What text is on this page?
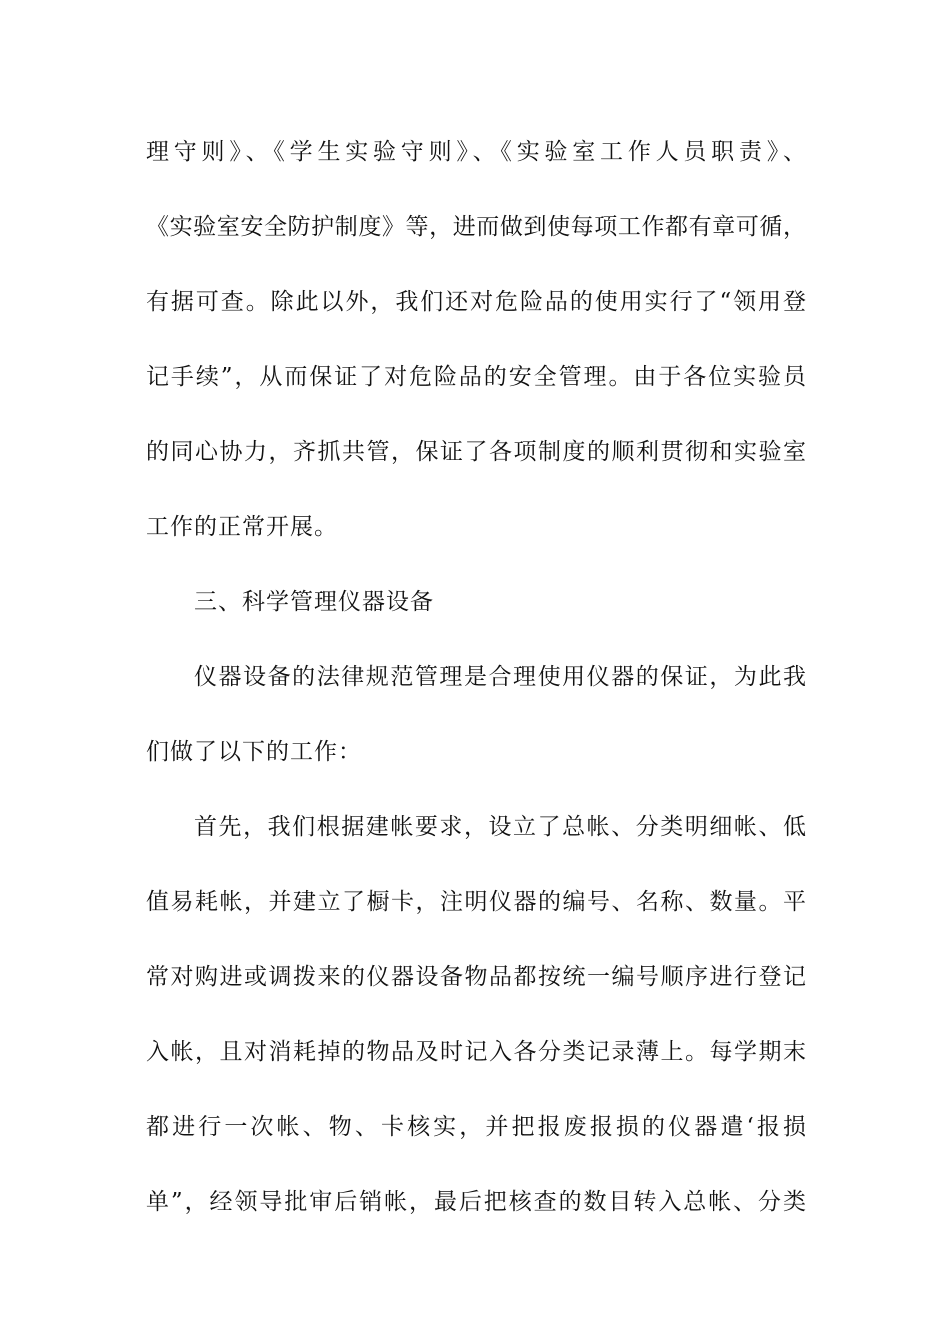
理守则》、《学生实验守则》、《实验室工作人员职责》、
《实验室安全防护制度》等，进而做到使每项工作都有章可循，
有据可查。除此以外，我们还对危险品的使用实行了“领用登
记手续”，从而保证了对危险品的安全管理。由于各位实验员
的同心协力，齐抓共管，保证了各项制度的顺利贯彻和实验室
工作的正常开展。
三、科学管理仪器设备
仪器设备的法律规范管理是合理使用仪器的保证，为此我
们做了以下的工作：
首先，我们根据建帐要求，设立了总帐、分类明细帐、低
值易耗帐，并建立了橱卡，注明仪器的编号、名称、数量。平
常对购进或调拨来的仪器设备物品都按统一编号顺序进行登记
入帐，且对消耗掉的物品及时记入各分类记录薄上。每学期末
都进行一次帐、物、卡核实，并把报废报损的仪器遣‘报损
单”，经领导批审后销帐，最后把核查的数目转入总帐、分类
